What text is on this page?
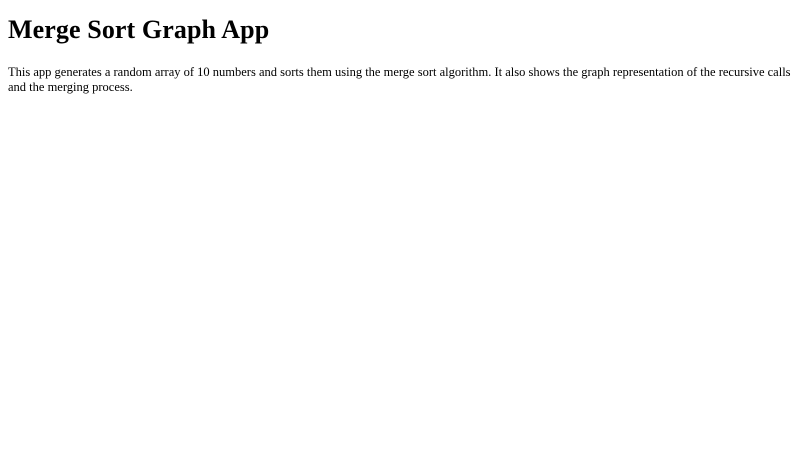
Merge Sort Graph App

This app generates a random array of 10 numbers and sorts them using the merge sort algorithm. It also shows the graph representation of the recursive calls and the merging process.
